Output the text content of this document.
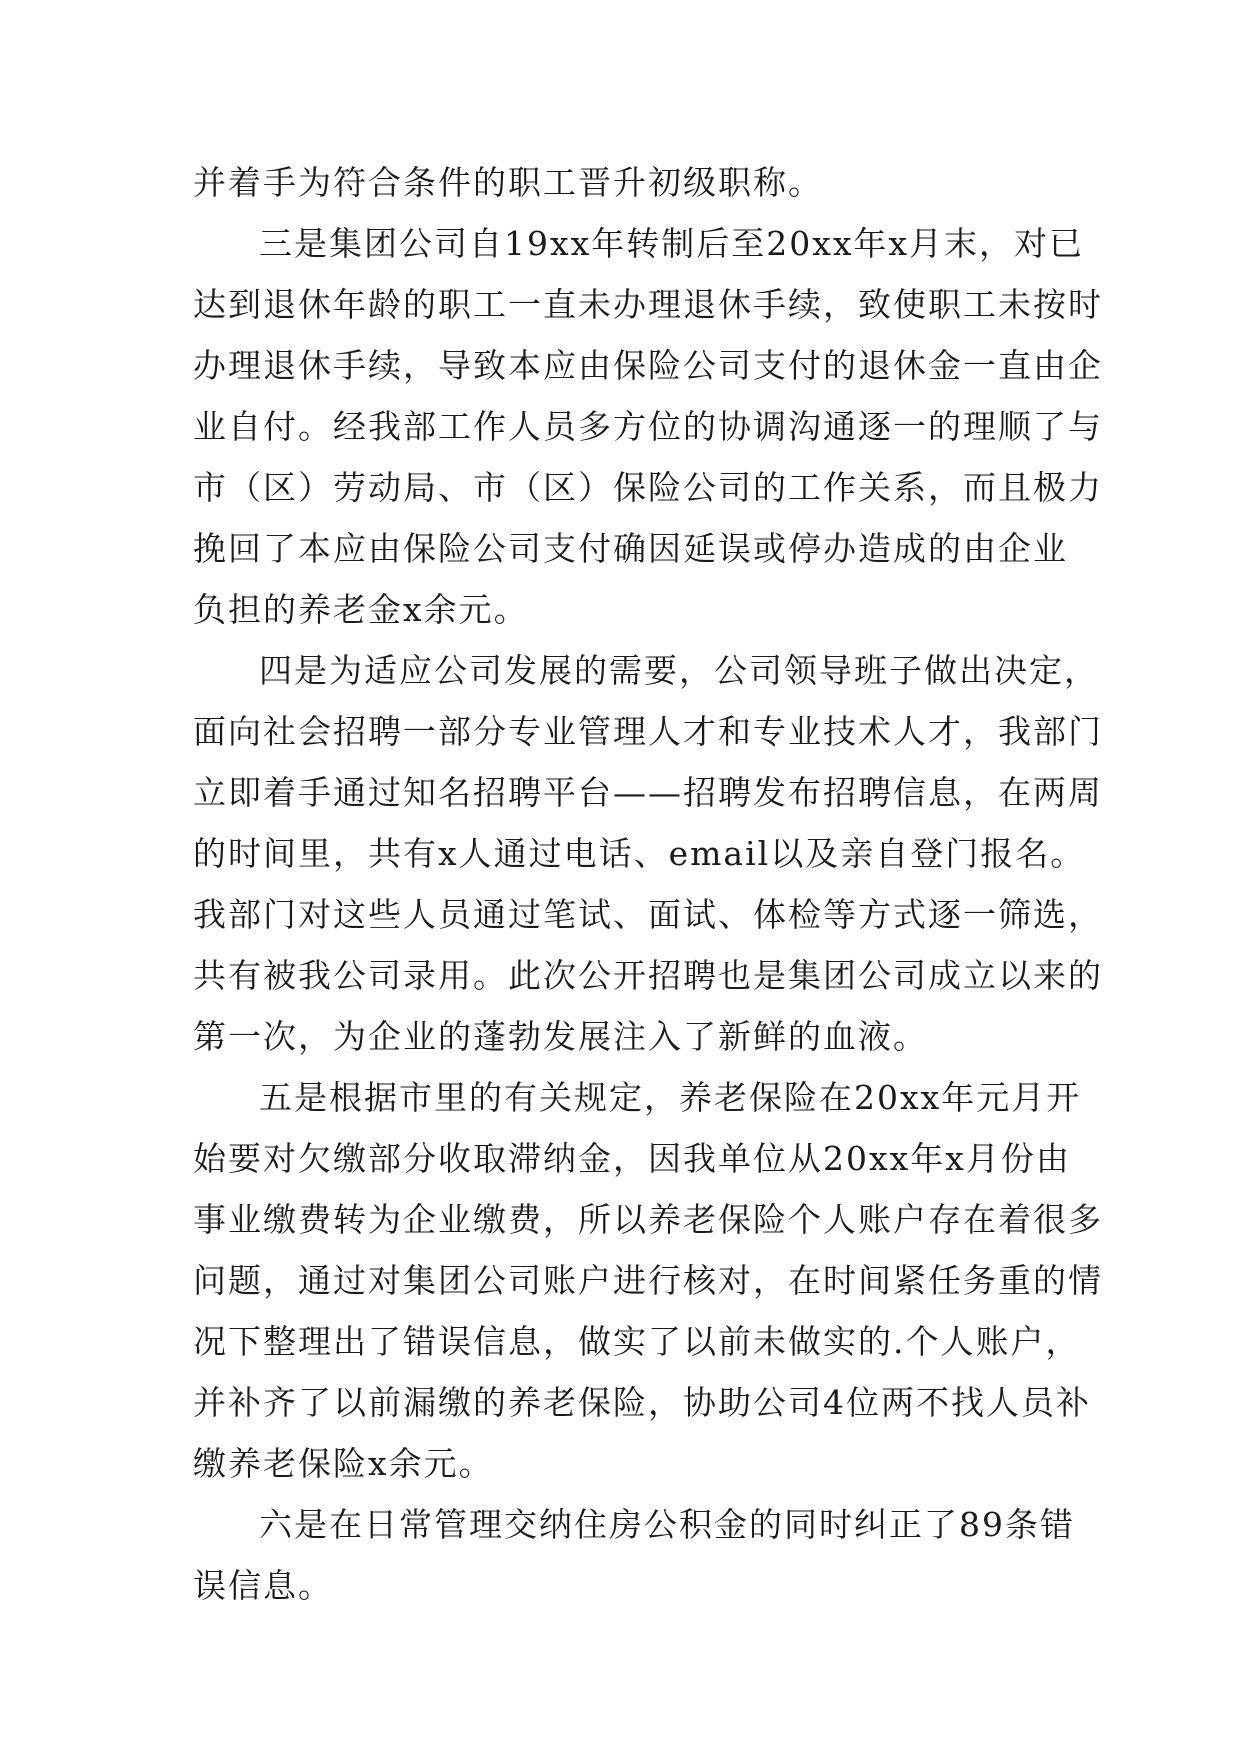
并着手为符合条件的职工晋升初级职称。
三是集团公司自19xx年转制后至20xx年x月末，对已
达到退休年龄的职工一直未办理退休手续，致使职工未按时
办理退休手续，导致本应由保险公司支付的退休金一直由企
业自付。经我部工作人员多方位的协调沟通逐一的理顺了与
市（区）劳动局、市（区）保险公司的工作关系，而且极力
挽回了本应由保险公司支付确因延误或停办造成的由企业
负担的养老金x余元。
四是为适应公司发展的需要，公司领导班子做出决定，
面向社会招聘一部分专业管理人才和专业技术人才，我部门
立即着手通过知名招聘平台——招聘发布招聘信息，在两周
的时间里，共有x人通过电话、email以及亲自登门报名。
我部门对这些人员通过笔试、面试、体检等方式逐一筛选，
共有被我公司录用。此次公开招聘也是集团公司成立以来的
第一次，为企业的蓬勃发展注入了新鲜的血液。
五是根据市里的有关规定，养老保险在20xx年元月开
始要对欠缴部分收取滞纳金，因我单位从20xx年x月份由
事业缴费转为企业缴费，所以养老保险个人账户存在着很多
问题，通过对集团公司账户进行核对，在时间紧任务重的情
况下整理出了错误信息，做实了以前未做实的.个人账户，
并补齐了以前漏缴的养老保险，协助公司4位两不找人员补
缴养老保险x余元。
六是在日常管理交纳住房公积金的同时纠正了89条错
误信息。
